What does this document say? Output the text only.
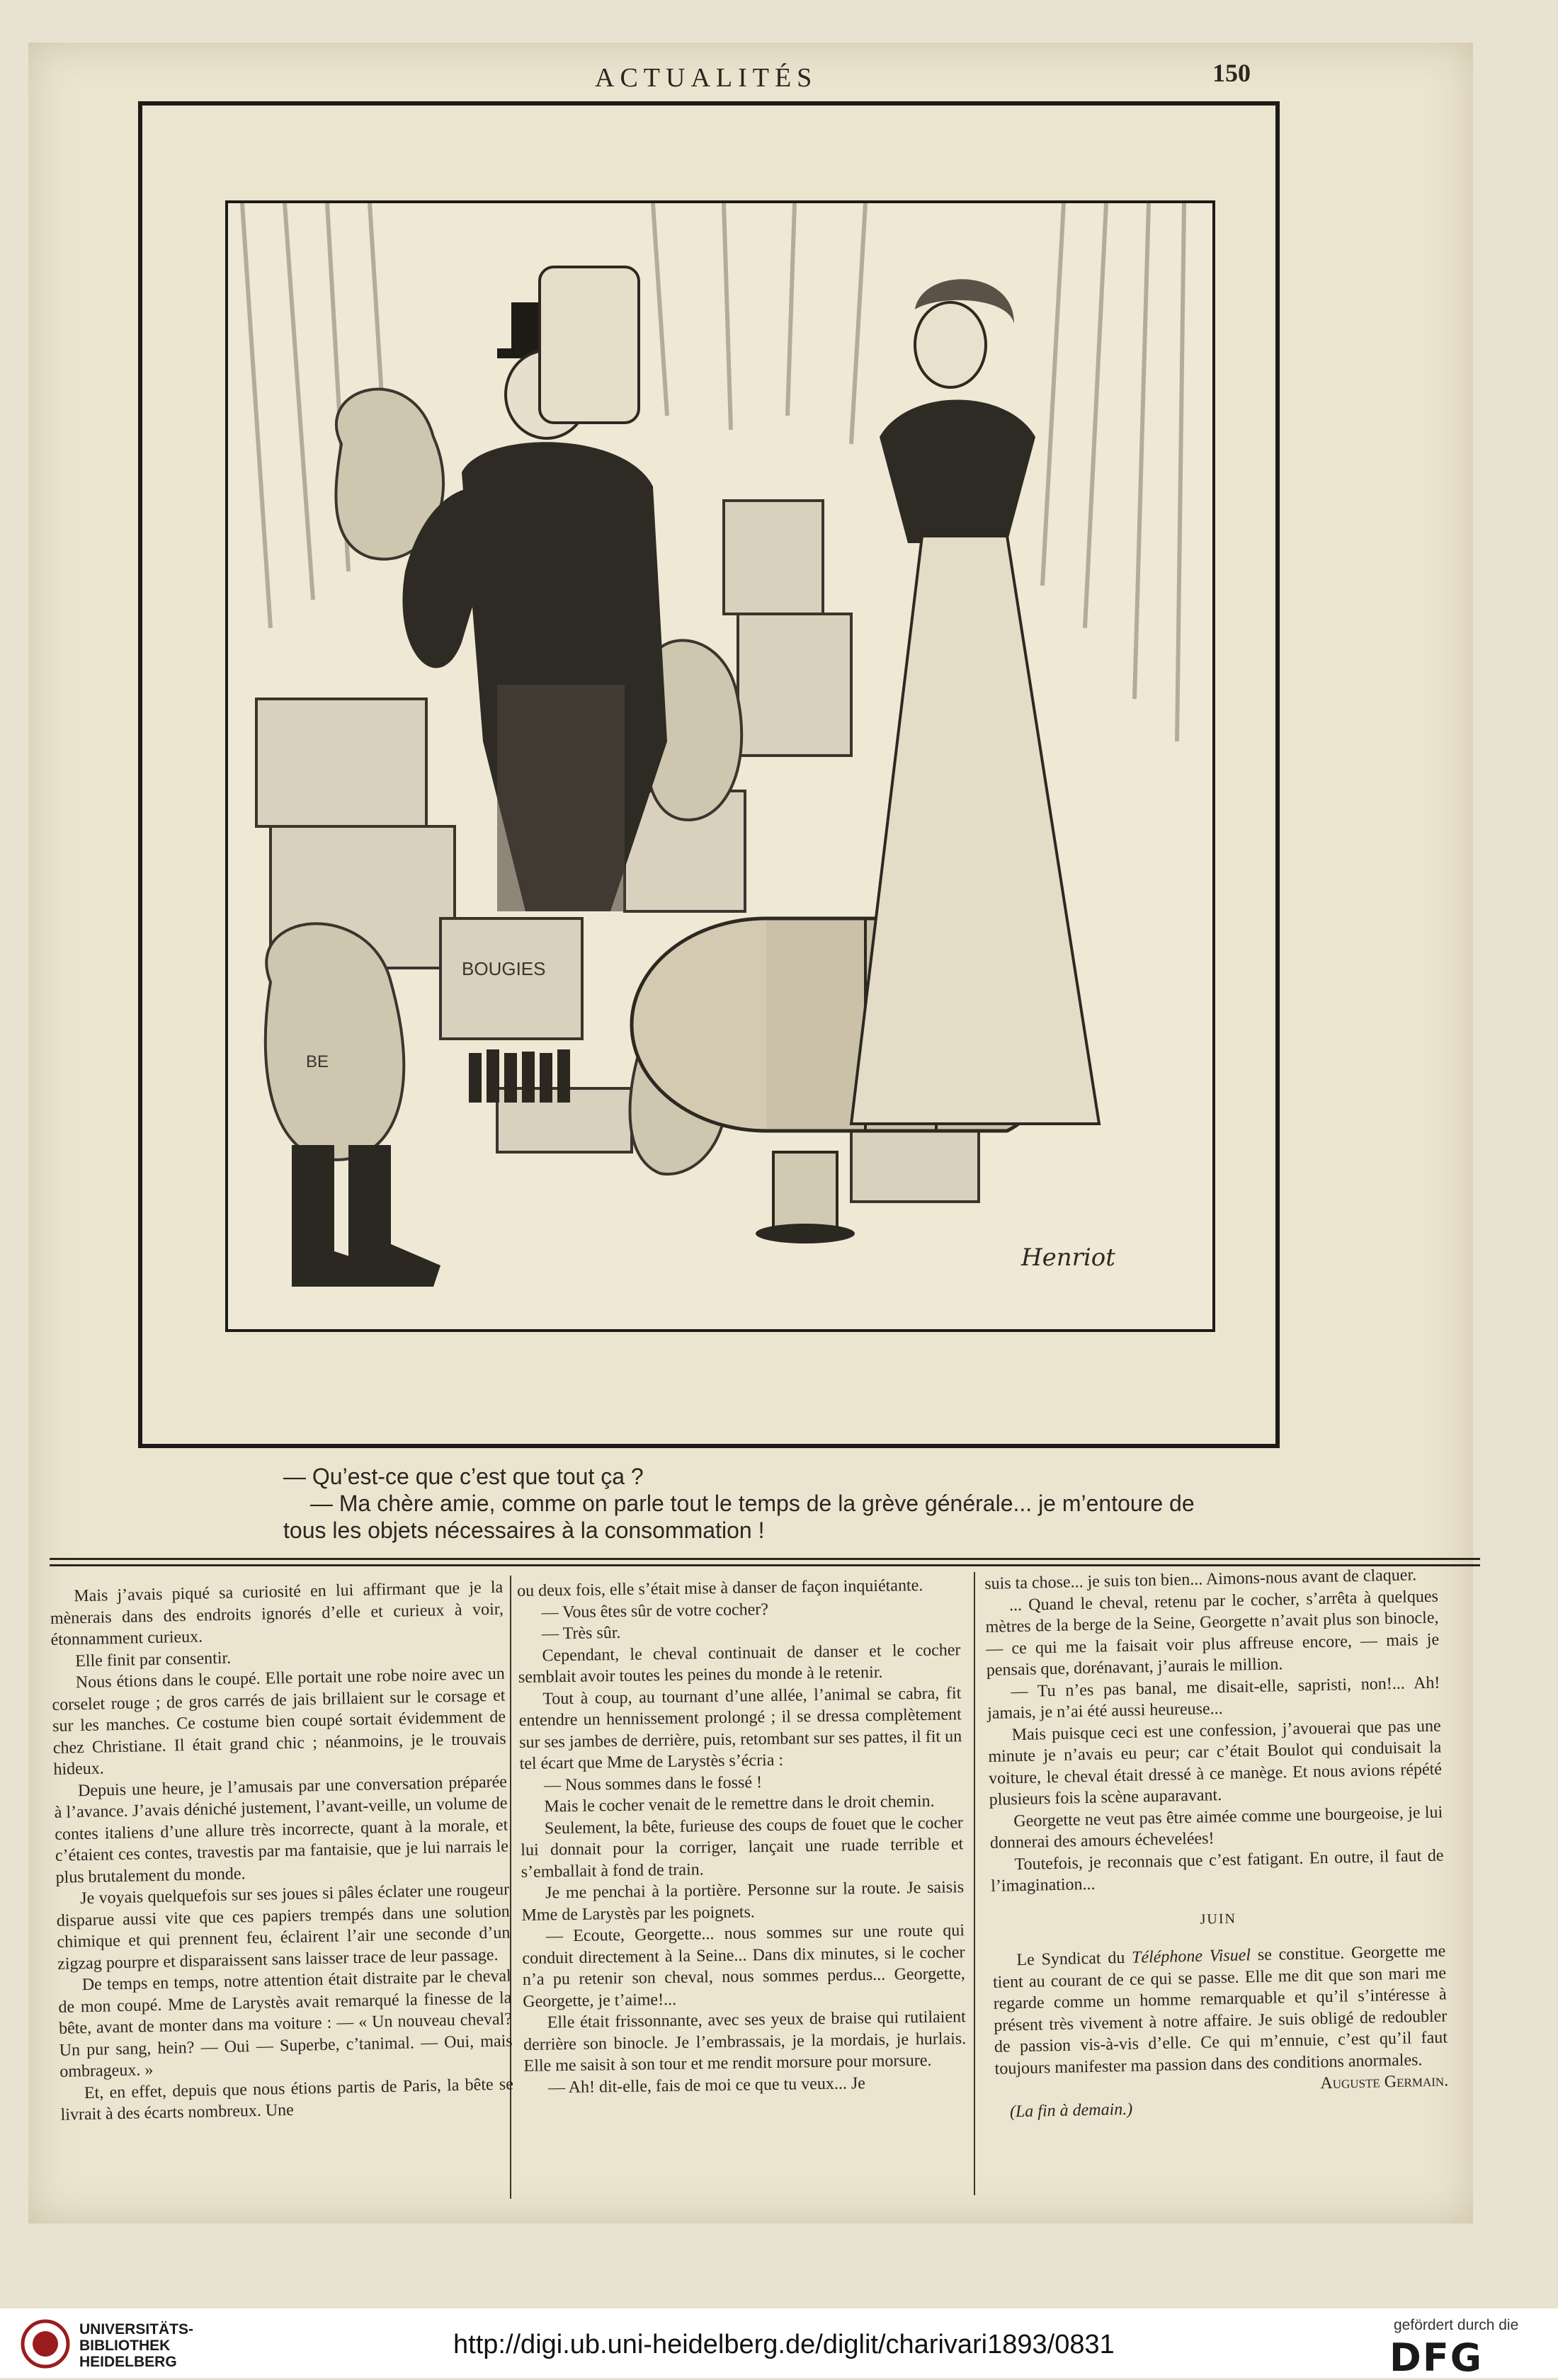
ACTUALITÉS	150
BOUGIES
BE
Henriot

— Qu’est-ce que c’est que tout ça ?

— Ma chère amie, comme on parle tout le temps de la grève générale... je m’entoure de

tous les objets nécessaires à la consommation !

Mais j’avais piqué sa curiosité en lui affirmant que je la mènerais dans des endroits ignorés d’elle et curieux à voir, étonnamment curieux.

Elle finit par consentir.

Nous étions dans le coupé. Elle portait une robe noire avec un corselet rouge ; de gros carrés de jais brillaient sur le corsage et sur les manches. Ce costume bien coupé sortait évidemment de chez Christiane. Il était grand chic ; néanmoins, je le trouvais hideux.

Depuis une heure, je l’amusais par une conversation préparée à l’avance. J’avais déniché justement, l’avant-veille, un volume de contes italiens d’une allure très incorrecte, quant à la morale, et c’étaient ces contes, travestis par ma fantaisie, que je lui narrais le plus brutalement du monde.

Je voyais quelquefois sur ses joues si pâles éclater une rougeur disparue aussi vite que ces papiers trempés dans une solution chimique et qui prennent feu, éclairent l’air une seconde d’un zigzag pourpre et disparaissent sans laisser trace de leur passage.

De temps en temps, notre attention était distraite par le cheval de mon coupé. Mme de Larystès avait remarqué la finesse de la bête, avant de monter dans ma voiture : — « Un nouveau cheval? Un pur sang, hein? — Oui — Superbe, c’tanimal. — Oui, mais ombrageux. »

Et, en effet, depuis que nous étions partis de Paris, la bête se livrait à des écarts nombreux. Une

ou deux fois, elle s’était mise à danser de façon inquiétante.

— Vous êtes sûr de votre cocher?

— Très sûr.

Cependant, le cheval continuait de danser et le cocher semblait avoir toutes les peines du monde à le retenir.

Tout à coup, au tournant d’une allée, l’animal se cabra, fit entendre un hennissement prolongé ; il se dressa complètement sur ses jambes de derrière, puis, retombant sur ses pattes, il fit un tel écart que Mme de Larystès s’écria :

— Nous sommes dans le fossé !

Mais le cocher venait de le remettre dans le droit chemin.

Seulement, la bête, furieuse des coups de fouet que le cocher lui donnait pour la corriger, lançait une ruade terrible et s’emballait à fond de train.

Je me penchai à la portière. Personne sur la route. Je saisis Mme de Larystès par les poignets.

— Ecoute, Georgette... nous sommes sur une route qui conduit directement à la Seine... Dans dix minutes, si le cocher n’a pu retenir son cheval, nous sommes perdus... Georgette, Georgette, je t’aime!...

Elle était frissonnante, avec ses yeux de braise qui rutilaient derrière son binocle. Je l’embrassais, je la mordais, je hurlais. Elle me saisit à son tour et me rendit morsure pour morsure.

— Ah! dit-elle, fais de moi ce que tu veux... Je

suis ta chose... je suis ton bien... Aimons-nous avant de claquer.

... Quand le cheval, retenu par le cocher, s’arrêta à quelques mètres de la berge de la Seine, Georgette n’avait plus son binocle, — ce qui me la faisait voir plus affreuse encore, — mais je pensais que, dorénavant, j’aurais le million.

— Tu n’es pas banal, me disait-elle, sapristi, non!... Ah! jamais, je n’ai été aussi heureuse...

Mais puisque ceci est une confession, j’avouerai que pas une minute je n’avais eu peur; car c’était Boulot qui conduisait la voiture, le cheval était dressé à ce manège. Et nous avions répété plusieurs fois la scène auparavant.

Georgette ne veut pas être aimée comme une bourgeoise, je lui donnerai des amours échevelées!

Toutefois, je reconnais que c’est fatigant. En outre, il faut de l’imagination...

JUIN

Le Syndicat du Téléphone Visuel se constitue. Georgette me tient au courant de ce qui se passe. Elle me dit que son mari me regarde comme un homme remarquable et qu’il s’intéresse à présent très vivement à notre affaire. Je suis obligé de redoubler de passion vis-à-vis d’elle. Ce qui m’ennuie, c’est qu’il faut toujours manifester ma passion dans des conditions anormales.

Auguste Germain.

(La fin à demain.)

UNIVERSITÄTS-
BIBLIOTHEK
HEIDELBERG
http://digi.ub.uni-heidelberg.de/diglit/charivari1893/0831
gefördert durch die
DFG
